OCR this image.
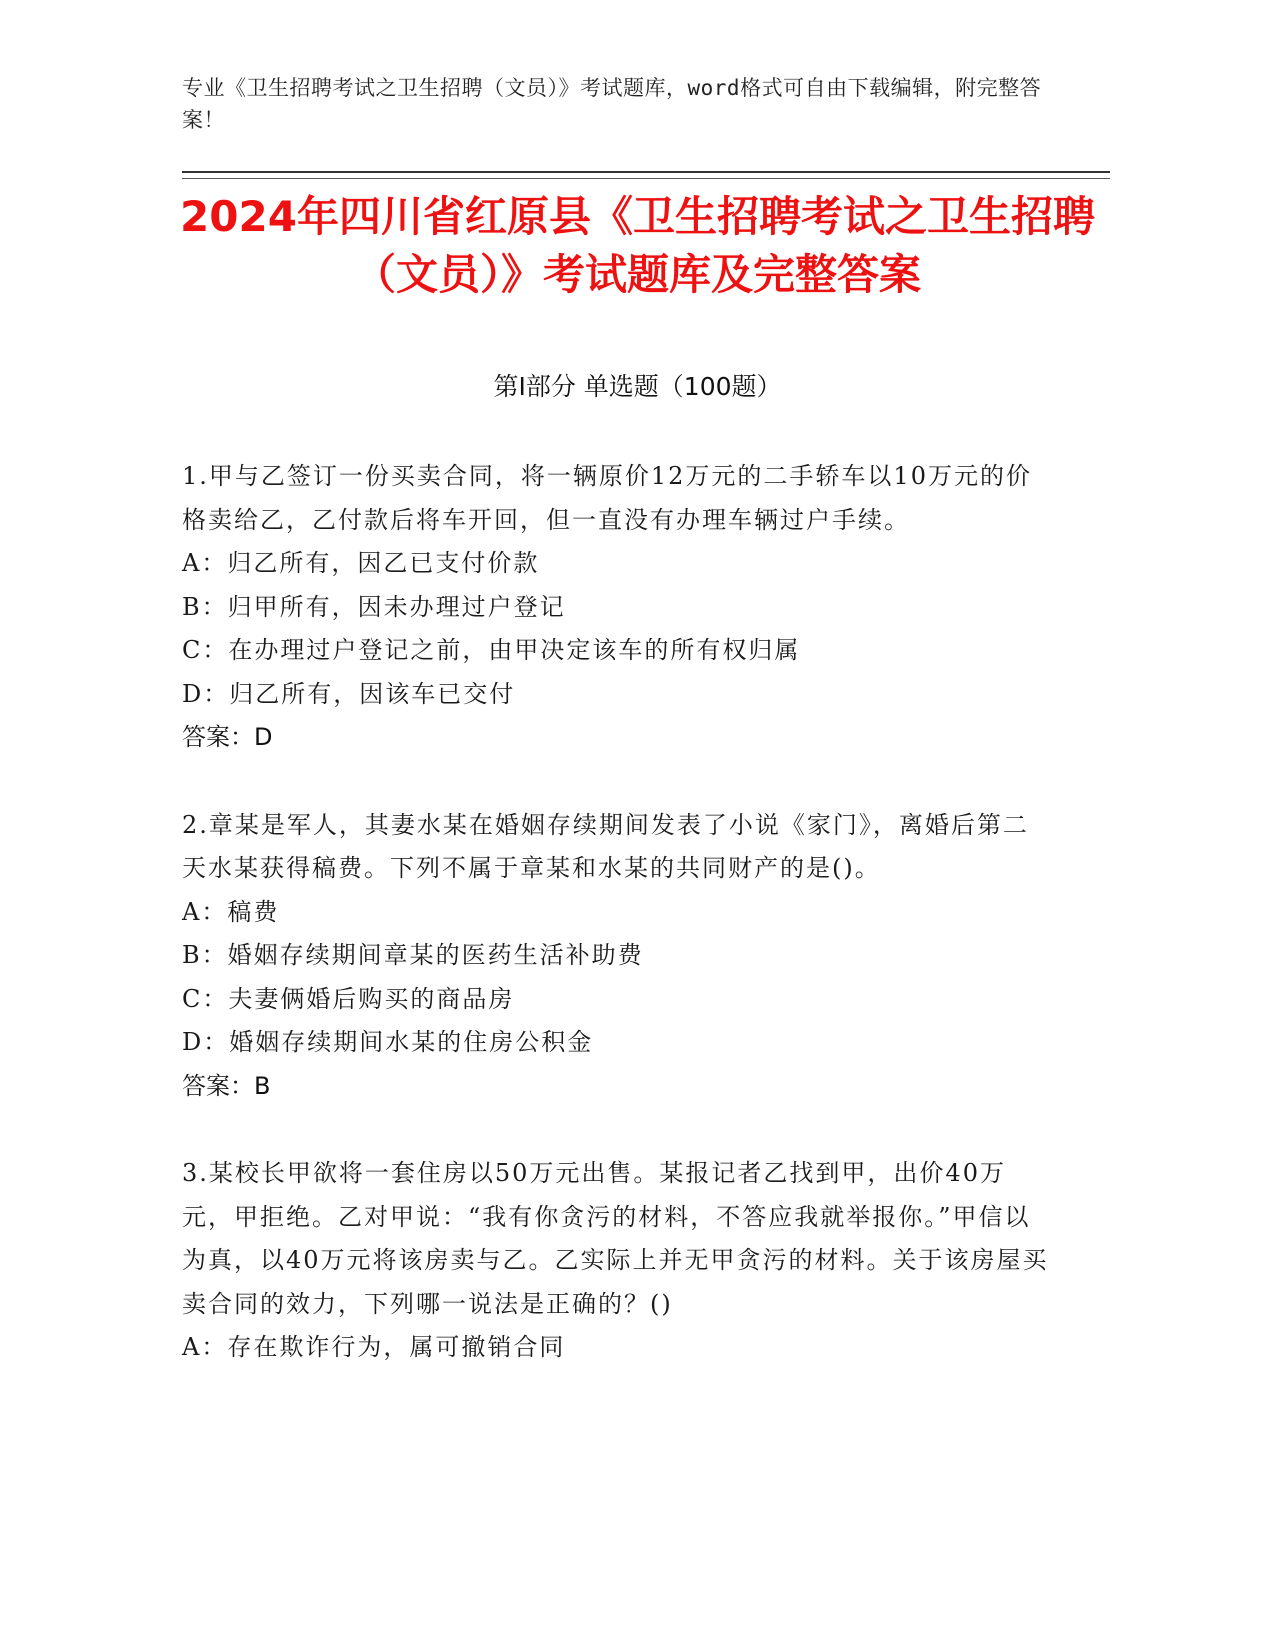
专业《卫生招聘考试之卫生招聘（文员）》考试题库，word格式可自由下载编辑，附完整答案！
2024年四川省红原县《卫生招聘考试之卫生招聘（文员）》考试题库及完整答案
第Ⅰ部分 单选题（100题）
1.甲与乙签订一份买卖合同，将一辆原价12万元的二手轿车以10万元的价格卖给乙，乙付款后将车开回，但一直没有办理车辆过户手续。
A：归乙所有，因乙已支付价款
B：归甲所有，因未办理过户登记
C：在办理过户登记之前，由甲决定该车的所有权归属
D：归乙所有，因该车已交付
答案：D
2.章某是军人，其妻水某在婚姻存续期间发表了小说《家门》，离婚后第二天水某获得稿费。下列不属于章某和水某的共同财产的是()。
A：稿费
B：婚姻存续期间章某的医药生活补助费
C：夫妻俩婚后购买的商品房
D：婚姻存续期间水某的住房公积金
答案：B
3.某校长甲欲将一套住房以50万元出售。某报记者乙找到甲，出价40万元，甲拒绝。乙对甲说：“我有你贪污的材料，不答应我就举报你。”甲信以为真，以40万元将该房卖与乙。乙实际上并无甲贪污的材料。关于该房屋买卖合同的效力，下列哪一说法是正确的？()
A：存在欺诈行为，属可撤销合同
